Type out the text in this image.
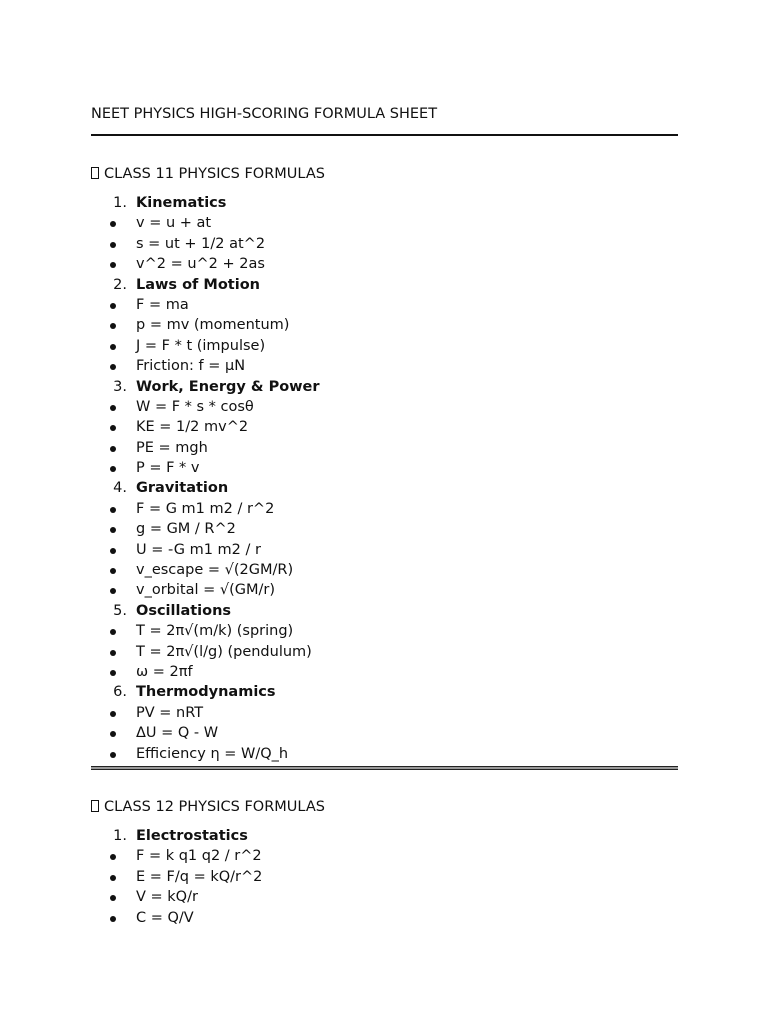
NEET PHYSICS HIGH-SCORING FORMULA SHEET
CLASS 11 PHYSICS FORMULAS
1. Kinematics
v = u + at
s = ut + 1/2 at^2
v^2 = u^2 + 2as
2. Laws of Motion
F = ma
p = mv (momentum)
J = F * t (impulse)
Friction: f = μN
3. Work, Energy & Power
W = F * s * cosθ
KE = 1/2 mv^2
PE = mgh
P = F * v
4. Gravitation
F = G m1 m2 / r^2
g = GM / R^2
U = -G m1 m2 / r
v_escape = √(2GM/R)
v_orbital = √(GM/r)
5. Oscillations
T = 2π√(m/k) (spring)
T = 2π√(l/g) (pendulum)
ω = 2πf
6. Thermodynamics
PV = nRT
ΔU = Q - W
Efficiency η = W/Q_h
CLASS 12 PHYSICS FORMULAS
1. Electrostatics
F = k q1 q2 / r^2
E = F/q = kQ/r^2
V = kQ/r
C = Q/V
